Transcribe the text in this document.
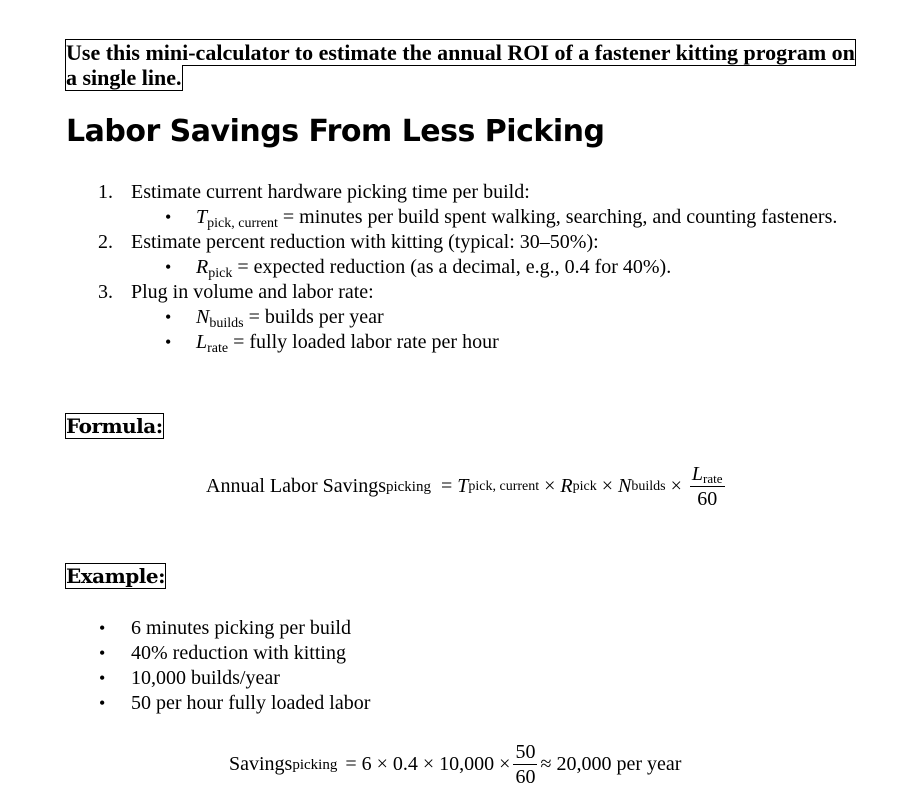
Use this mini-calculator to estimate the annual ROI of a fastener kitting program on a single line.

Labor Savings From Less Picking
1. Estimate current hardware picking time per build:
• $T_{pick, current}$ = minutes per build spent walking, searching, and counting fasteners.
2. Estimate percent reduction with kitting (typical: 30–50%):
• $R_{pick}$ = expected reduction (as a decimal, e.g., 0.4 for 40%).
3. Plug in volume and labor rate:
• $N_{builds}$ = builds per year
• $L_{rate}$ = fully loaded labor rate per hour
Formula:
Annual Labor Savings picking = T pick, current × R pick × N builds × $\frac{\text{Lrate}}{60}$
Example:
• 6 minutes picking per build
• 40% reduction with kitting
• 10,000 builds/year
• 50 per hour fully loaded labor
Savings picking = $6 \times 0.4 \times 10,000 \times \frac{50}{60} \approx 20,000$ per year
